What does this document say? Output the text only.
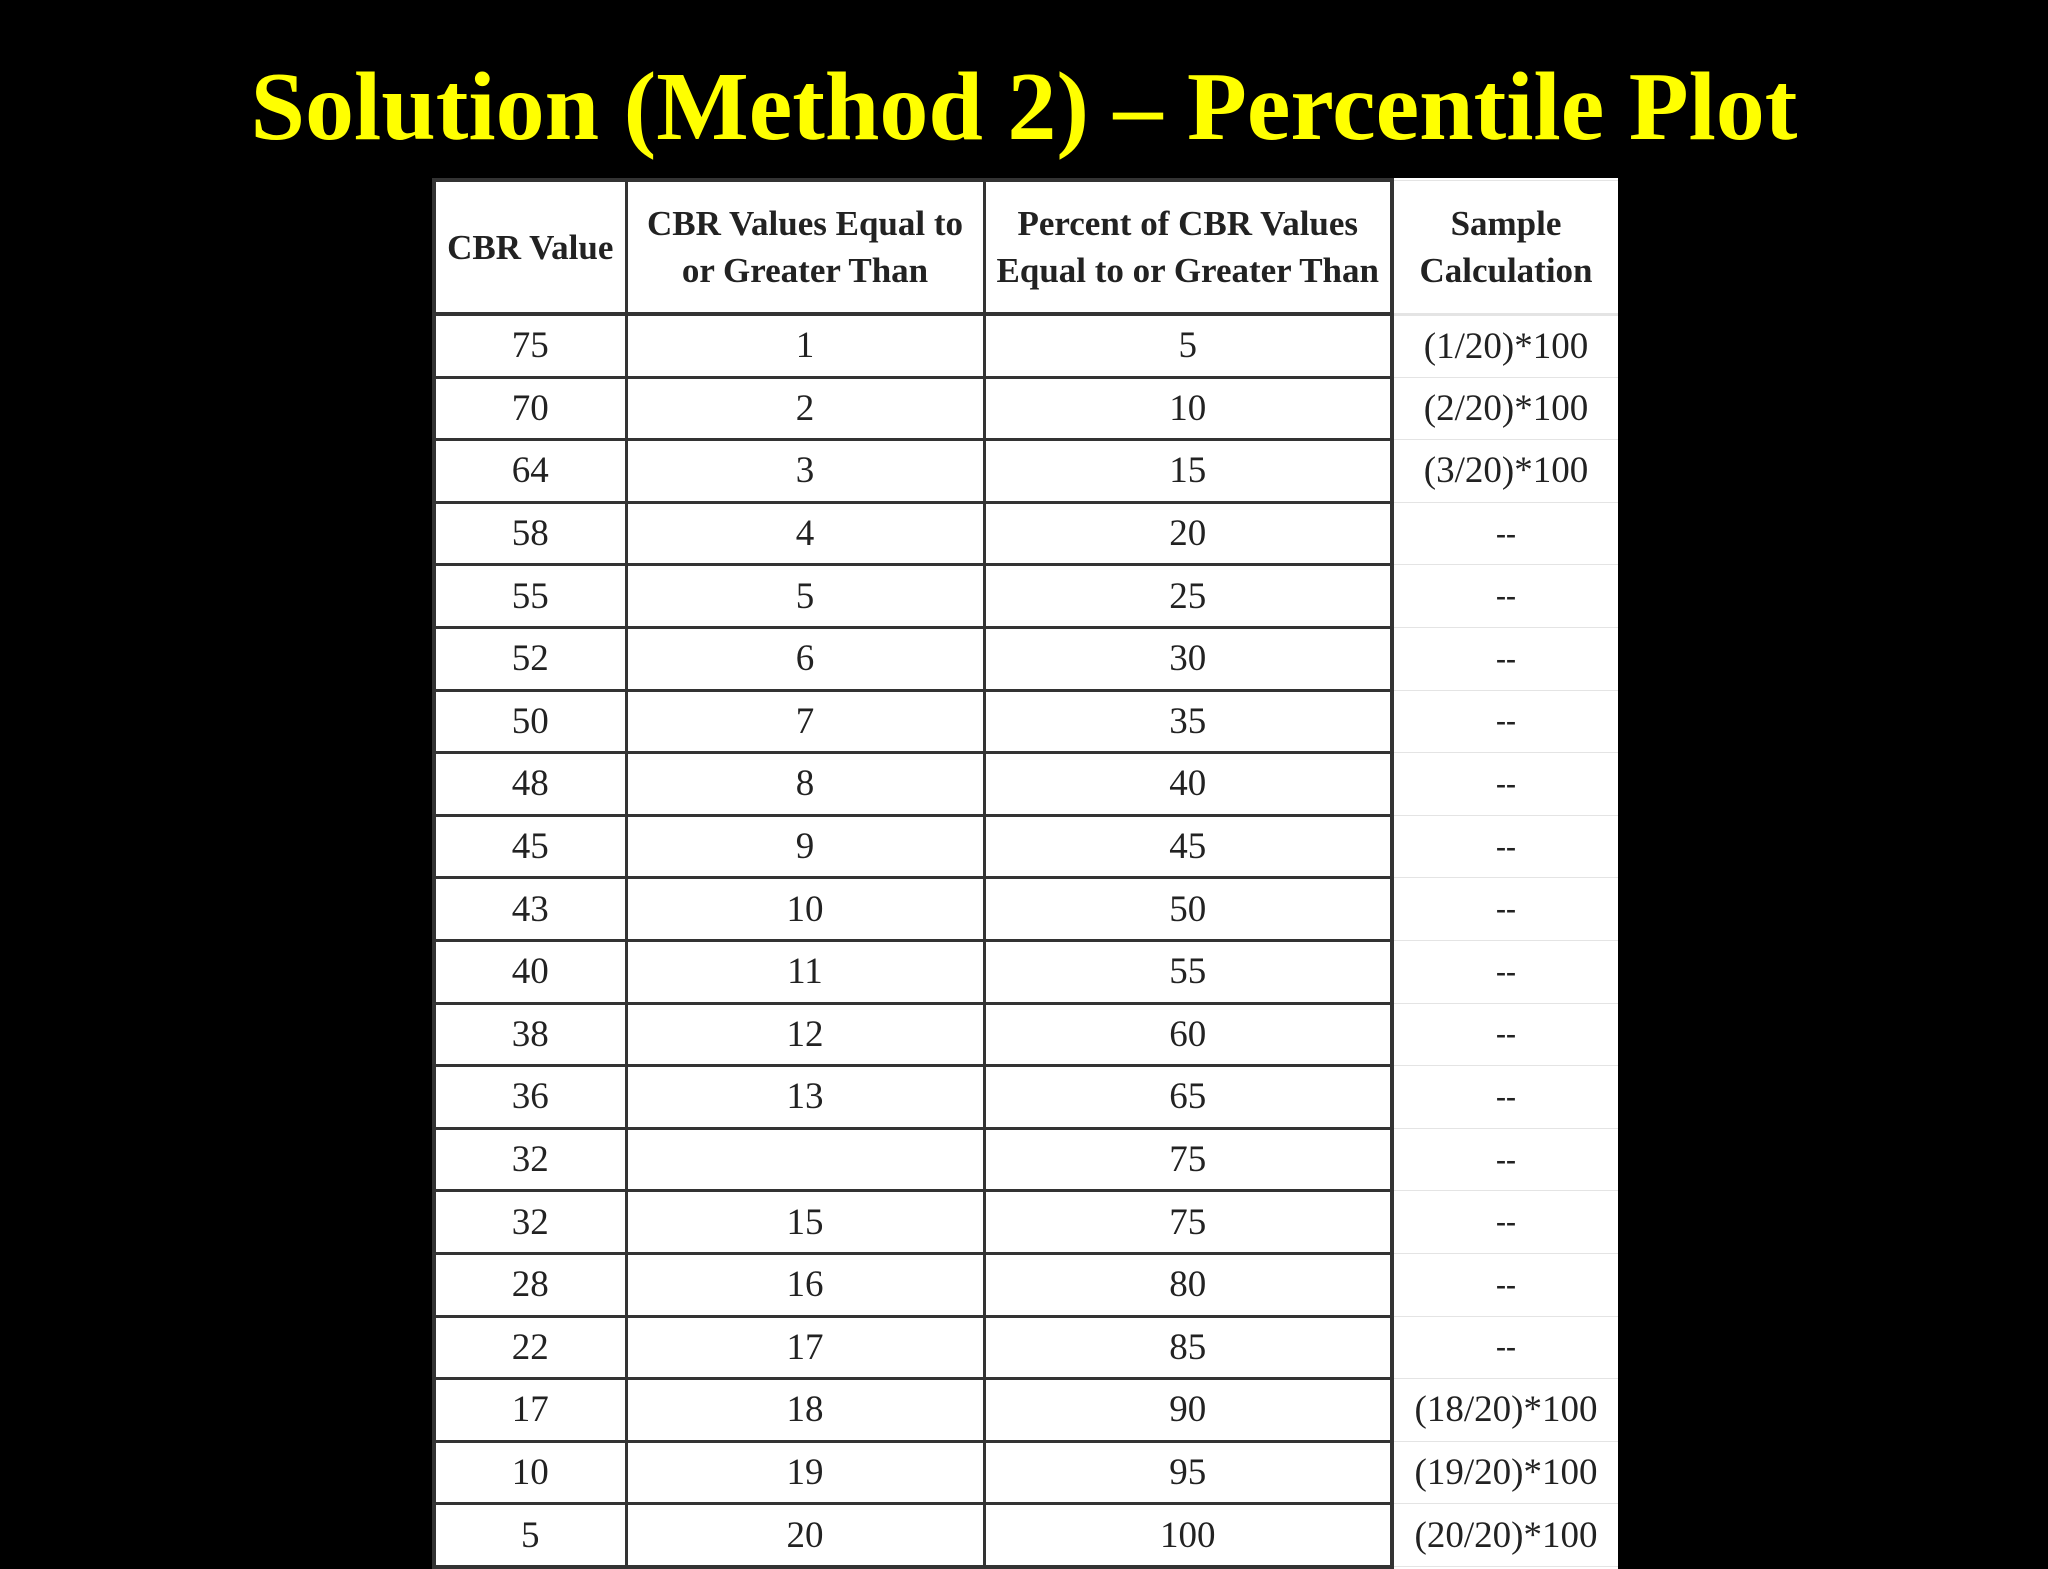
Solution (Method 2) – Percentile Plot
CBR Value	CBR Values Equal to or Greater Than	Percent of CBR Values Equal to or Greater Than	Sample Calculation
75	1	5	(1/20)*100
70	2	10	(2/20)*100
64	3	15	(3/20)*100
58	4	20	--
55	5	25	--
52	6	30	--
50	7	35	--
48	8	40	--
45	9	45	--
43	10	50	--
40	11	55	--
38	12	60	--
36	13	65	--
32		75	--
32	15	75	--
28	16	80	--
22	17	85	--
17	18	90	(18/20)*100
10	19	95	(19/20)*100
5	20	100	(20/20)*100
